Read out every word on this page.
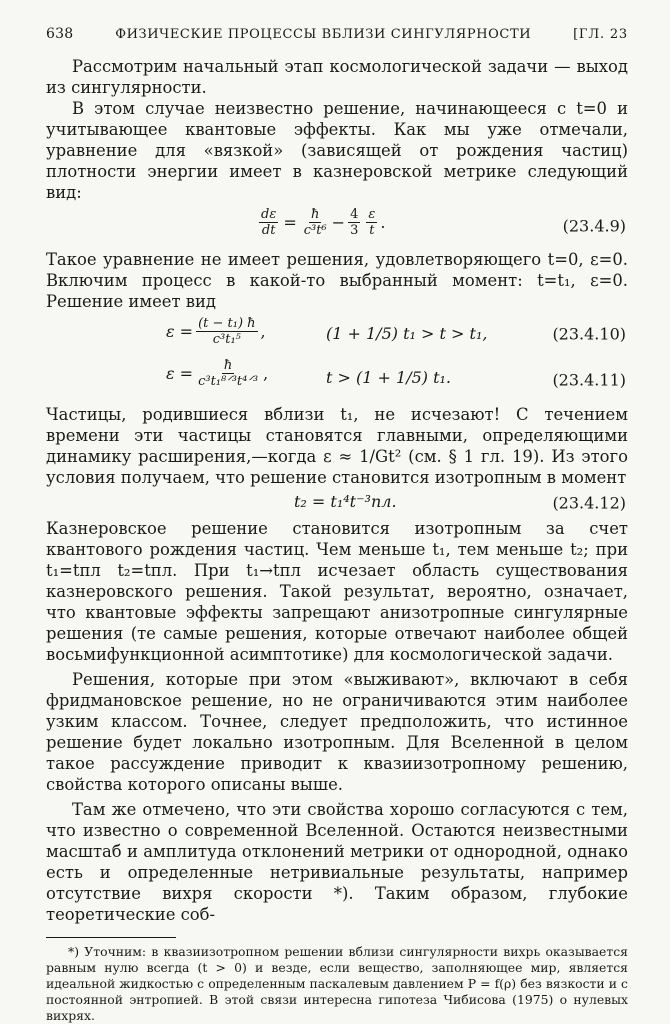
638	ФИЗИЧЕСКИЕ ПРОЦЕССЫ ВБЛИЗИ СИНГУЛЯРНОСТИ	[ГЛ. 23

Рассмотрим начальный этап космологической задачи — выход из сингулярности.

В этом случае неизвестно решение, начинающееся с t=0 и учитывающее квантовые эффекты. Как мы уже отмечали, уравнение для «вязкой» (зависящей от рождения частиц) плотности энергии имеет в казнеровской метрике следующий вид:

$\frac{d\varepsilon}{dt} = \frac{ħ}{\text{c³t⁶}} - \frac{4}{3} \frac{\varepsilon}{t}$ .	(23.4.9)

Такое уравнение не имеет решения, удовлетворяющего t=0, ε=0. Включим процесс в какой-то выбранный момент: t=t₁, ε=0. Решение имеет вид

$\varepsilon = \frac{\text{(t − t₁) ħ}}{\text{c³t₁⁵}}$ ,	(1 + 1/5) t₁ > t > t₁,	(23.4.10)
$\varepsilon = \frac{ħ}{\text{c³t₁⁸ᐟ³t⁴ᐟ³}}$ ,	t > (1 + 1/5) t₁.	(23.4.11)

Частицы, родившиеся вблизи t₁, не исчезают! С течением времени эти частицы становятся главными, определяющими динамику расширения,—когда ε ≈ 1/Gt² (см. § 1 гл. 19). Из этого условия получаем, что решение становится изотропным в момент

t₂ = t₁⁴t⁻³пл.	(23.4.12)

Казнеровское решение становится изотропным за счет квантового рождения частиц. Чем меньше t₁, тем меньше t₂; при t₁=tпл t₂=tпл. При t₁→tпл исчезает область существования казнеровского решения. Такой результат, вероятно, означает, что квантовые эффекты запрещают анизотропные сингулярные решения (те самые решения, которые отвечают наиболее общей восьмифункционной асимптотике) для космологической задачи.

Решения, которые при этом «выживают», включают в себя фридмановское решение, но не ограничиваются этим наиболее узким классом. Точнее, следует предположить, что истинное решение будет локально изотропным. Для Вселенной в целом такое рассуждение приводит к квазиизотропному решению, свойства которого описаны выше.

Там же отмечено, что эти свойства хорошо согласуются с тем, что известно о современной Вселенной. Остаются неизвестными масштаб и амплитуда отклонений метрики от однородной, однако есть и определенные нетривиальные результаты, например отсутствие вихря скорости *). Таким образом, глубокие теоретические соб-

*) Уточним: в квазиизотропном решении вблизи сингулярности вихрь оказывается равным нулю всегда (t > 0) и везде, если вещество, заполняющее мир, является идеальной жидкостью с определенным паскалевым давлением P = f(ρ) без вязкости и с постоянной энтропией. В этой связи интересна гипотеза Чибисова (1975) о нулевых вихрях.
